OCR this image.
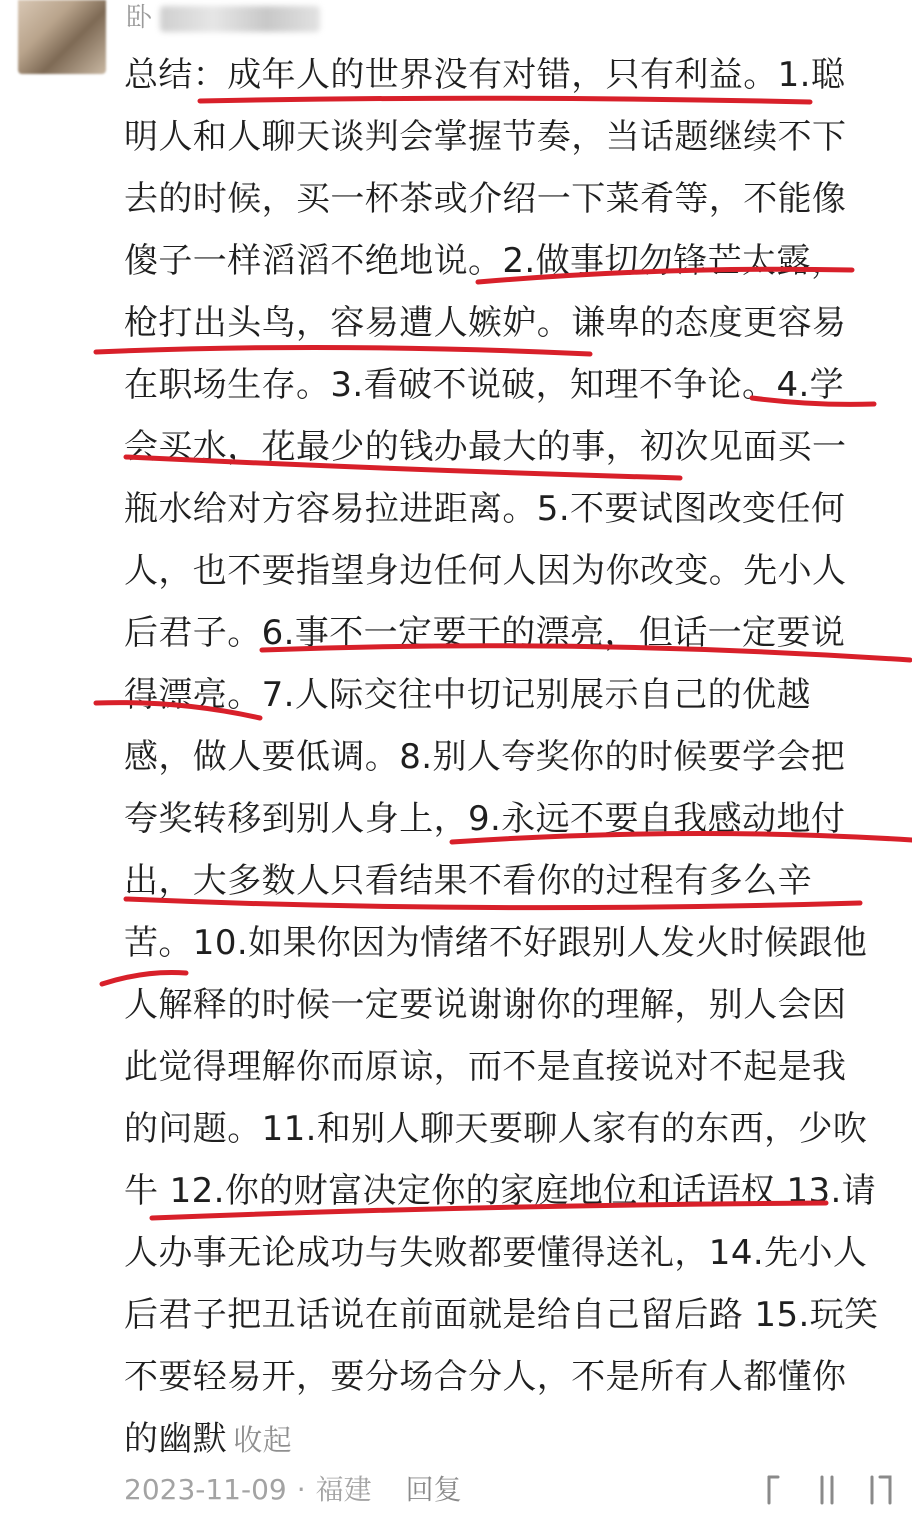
卧
总结：成年人的世界没有对错，只有利益。1.聪
明人和人聊天谈判会掌握节奏，当话题继续不下
去的时候，买一杯茶或介绍一下菜肴等，不能像
傻子一样滔滔不绝地说。2.做事切勿锋芒太露，
枪打出头鸟，容易遭人嫉妒。谦卑的态度更容易
在职场生存。3.看破不说破，知理不争论。4.学
会买水，花最少的钱办最大的事，初次见面买一
瓶水给对方容易拉进距离。5.不要试图改变任何
人，也不要指望身边任何人因为你改变。先小人
后君子。6.事不一定要干的漂亮，但话一定要说
得漂亮。7.人际交往中切记别展示自己的优越
感，做人要低调。8.别人夸奖你的时候要学会把
夸奖转移到别人身上，9.永远不要自我感动地付
出，大多数人只看结果不看你的过程有多么辛
苦。10.如果你因为情绪不好跟别人发火时候跟他
人解释的时候一定要说谢谢你的理解，别人会因
此觉得理解你而原谅，而不是直接说对不起是我
的问题。11.和别人聊天要聊人家有的东西，少吹
牛 12.你的财富决定你的家庭地位和话语权 13.请
人办事无论成功与失败都要懂得送礼，14.先小人
后君子把丑话说在前面就是给自己留后路 15.玩笑
不要轻易开，要分场合分人，不是所有人都懂你
的幽默 收起
2023-11-09 · 福建 回复
